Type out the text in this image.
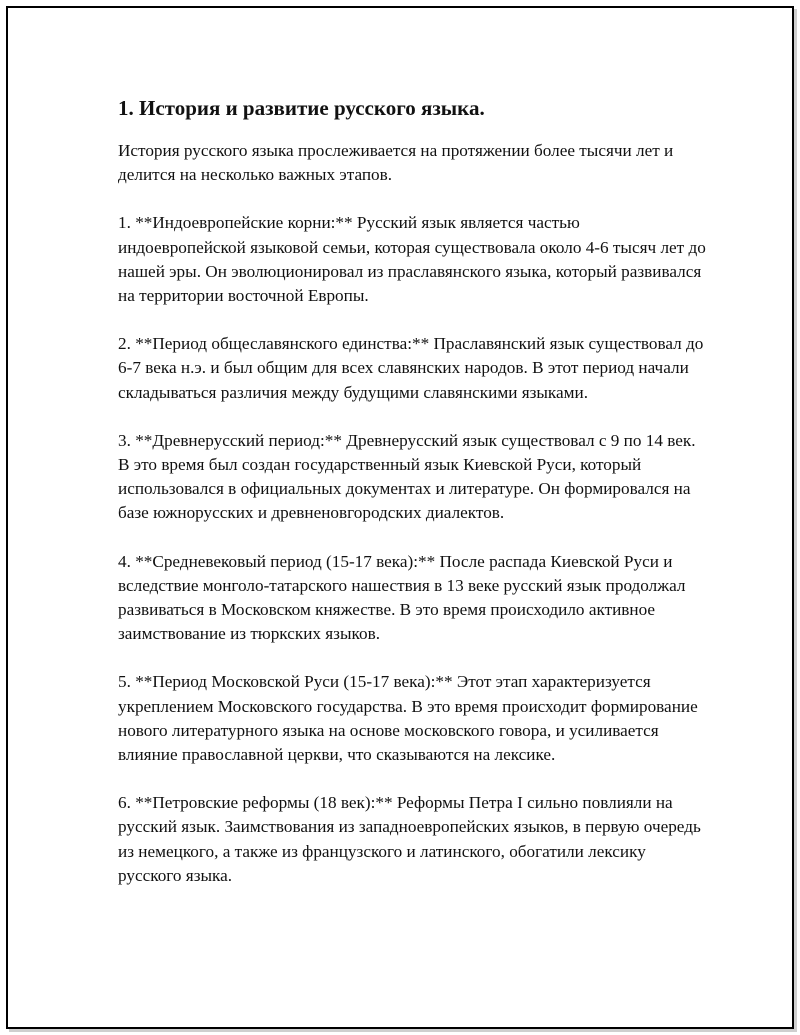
1. История и развитие русского языка.

История русского языка прослеживается на протяжении более тысячи лет и делится на несколько важных этапов.

1. **Индоевропейские корни:** Русский язык является частью индоевропейской языковой семьи, которая существовала около 4-6 тысяч лет до нашей эры. Он эволюционировал из праславянского языка, который развивался на территории восточной Европы.

2. **Период общеславянского единства:** Праславянский язык существовал до 6-7 века н.э. и был общим для всех славянских народов. В этот период начали складываться различия между будущими славянскими языками.

3. **Древнерусский период:** Древнерусский язык существовал с 9 по 14 век. В это время был создан государственный язык Киевской Руси, который использовался в официальных документах и литературе. Он формировался на базе южнорусских и древненовгородских диалектов.

4. **Средневековый период (15-17 века):** После распада Киевской Руси и вследствие монголо-татарского нашествия в 13 веке русский язык продолжал развиваться в Московском княжестве. В это время происходило активное заимствование из тюркских языков.

5. **Период Московской Руси (15-17 века):** Этот этап характеризуется укреплением Московского государства. В это время происходит формирование нового литературного языка на основе московского говора, и усиливается влияние православной церкви, что сказываются на лексике.

6. **Петровские реформы (18 век):** Реформы Петра I сильно повлияли на русский язык. Заимствования из западноевропейских языков, в первую очередь из немецкого, а также из французского и латинского, обогатили лексику русского языка.
